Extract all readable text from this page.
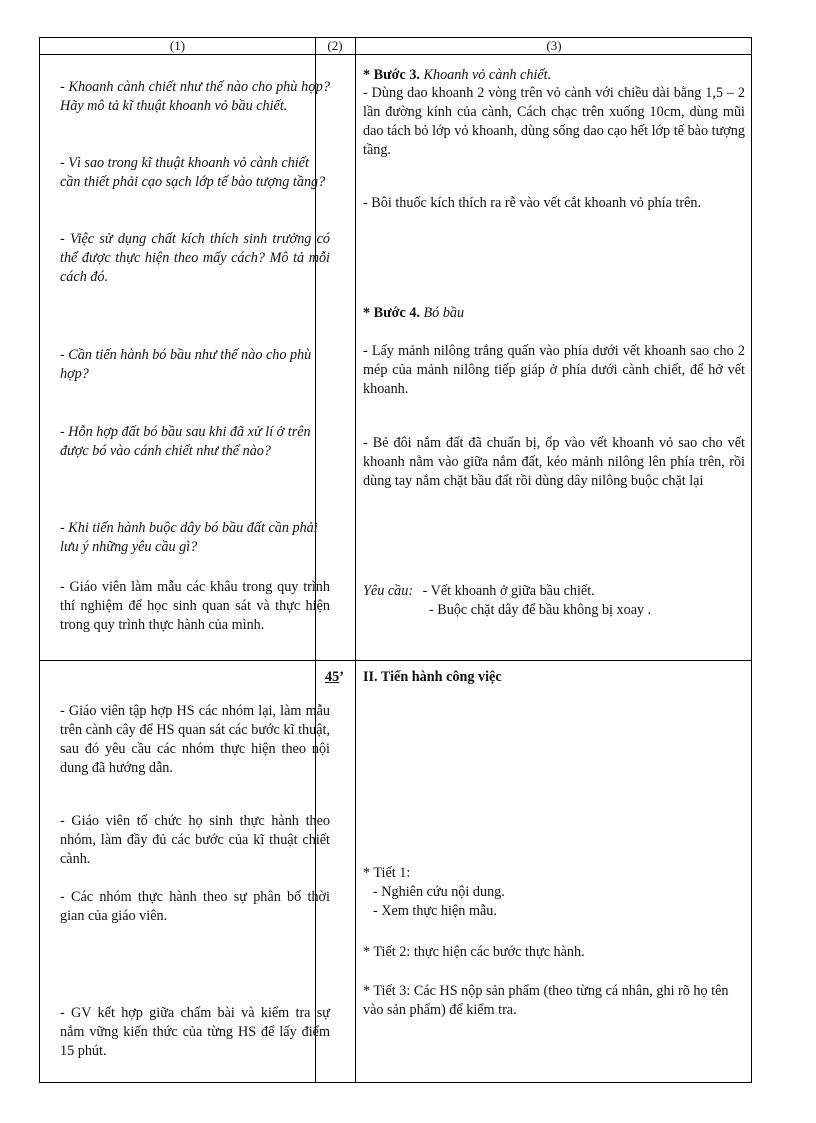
(1)	(2)	(3)
- Khoanh cành chiết như thế nào cho phù hợp? Hãy mô tả kĩ thuật khoanh vỏ bầu chiết.
- Vì sao trong kĩ thuật khoanh vỏ cành chiết cần thiết phải cạo sạch lớp tế bào tượng tầng?
- Việc sử dụng chất kích thích sinh trưởng có thể được thực hiện theo mấy cách? Mô tả mỗi cách đó.
- Cần tiến hành bó bầu như thế nào cho phù hợp?
- Hỗn hợp đất bó bầu sau khi đã xử lí ở trên được bó vào cánh chiết như thế nào?
- Khi tiến hành buộc dây bó bầu đất cần phải lưu ý những yêu cầu gì?
- Giáo viên làm mẫu các khâu trong quy trình thí nghiệm để học sinh quan sát và thực hiện trong quy trình thực hành của mình.
* Bước 3. Khoanh vỏ cành chiết.
- Dùng dao khoanh 2 vòng trên vỏ cành với chiều dài bằng 1,5 – 2 lần đường kính của cành, Cách chạc trên xuống 10cm, dùng mũi dao tách bỏ lớp vỏ khoanh, dùng sống dao cạo hết lớp tế bào tượng tầng.
- Bôi thuốc kích thích ra rễ vào vết cắt khoanh vỏ phía trên.
* Bước 4. Bó bầu
- Lấy mảnh nilông trắng quấn vào phía dưới vết khoanh sao cho 2 mép của mảnh nilông tiếp giáp ở phía dưới cành chiết, để hở vết khoanh.
- Bẻ đôi nắm đất đã chuẩn bị, ốp vào vết khoanh vỏ sao cho vết khoanh nằm vào giữa nắm đất, kéo mảnh nilông lên phía trên, rồi dùng tay nắm chặt bầu đất rồi dùng dây nilông buộc chặt lại
Yêu cầu: - Vết khoanh ở giữa bầu chiết.
- Buộc chặt dây để bầu không bị xoay .
45’ II. Tiến hành công việc
- Giáo viên tập hợp HS các nhóm lại, làm mẫu trên cành cây để HS quan sát các bước kĩ thuật, sau đó yêu cầu các nhóm thực hiện theo nội dung đã hướng dẫn.
- Giáo viên tổ chức họ sinh thực hành theo nhóm, làm đầy đủ các bước của kĩ thuật chiết cành.
- Các nhóm thực hành theo sự phân bố thời gian của giáo viên.
- GV kết hợp giữa chấm bài và kiểm tra sự nắm vững kiến thức của từng HS để lấy điểm 15 phút.
* Tiết 1:
- Nghiên cứu nội dung.
- Xem thực hiện mẫu.
* Tiết 2: thực hiện các bước thực hành.
* Tiết 3: Các HS nộp sản phẩm (theo từng cá nhân, ghi rõ họ tên vào sản phẩm) để kiểm tra.
